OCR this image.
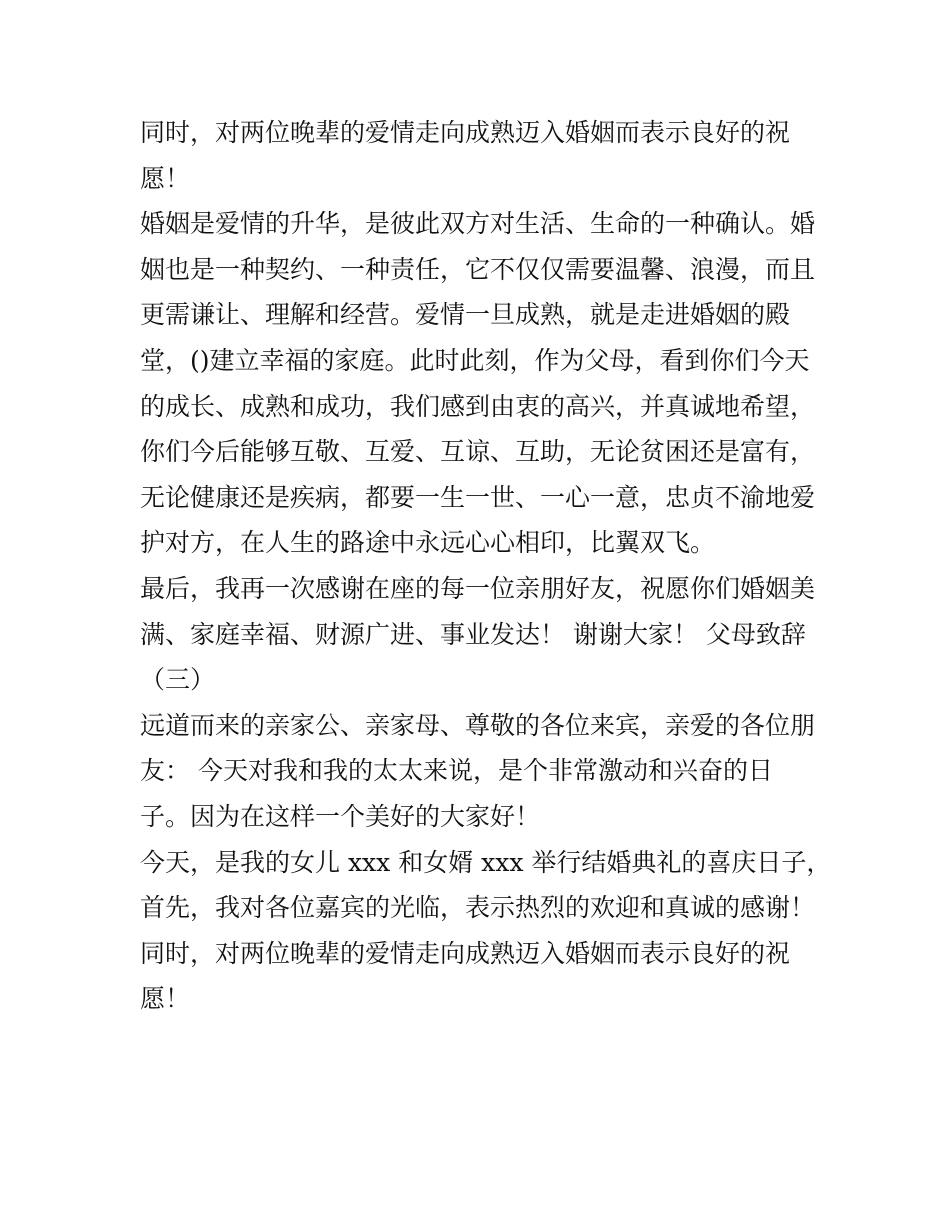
同时，对两位晚辈的爱情走向成熟迈入婚姻而表示良好的祝
愿！
婚姻是爱情的升华，是彼此双方对生活、生命的一种确认。婚
姻也是一种契约、一种责任，它不仅仅需要温馨、浪漫，而且
更需谦让、理解和经营。爱情一旦成熟，就是走进婚姻的殿
堂，()建立幸福的家庭。此时此刻，作为父母，看到你们今天
的成长、成熟和成功，我们感到由衷的高兴，并真诚地希望，
你们今后能够互敬、互爱、互谅、互助，无论贫困还是富有，
无论健康还是疾病，都要一生一世、一心一意，忠贞不渝地爱
护对方，在人生的路途中永远心心相印，比翼双飞。
最后，我再一次感谢在座的每一位亲朋好友，祝愿你们婚姻美
满、家庭幸福、财源广进、事业发达！ 谢谢大家！ 父母致辞
（三）
远道而来的亲家公、亲家母、尊敬的各位来宾，亲爱的各位朋
友： 今天对我和我的太太来说，是个非常激动和兴奋的日
子。因为在这样一个美好的大家好！
今天，是我的女儿 xxx 和女婿 xxx 举行结婚典礼的喜庆日子，
首先，我对各位嘉宾的光临，表示热烈的欢迎和真诚的感谢！
同时，对两位晚辈的爱情走向成熟迈入婚姻而表示良好的祝
愿！
